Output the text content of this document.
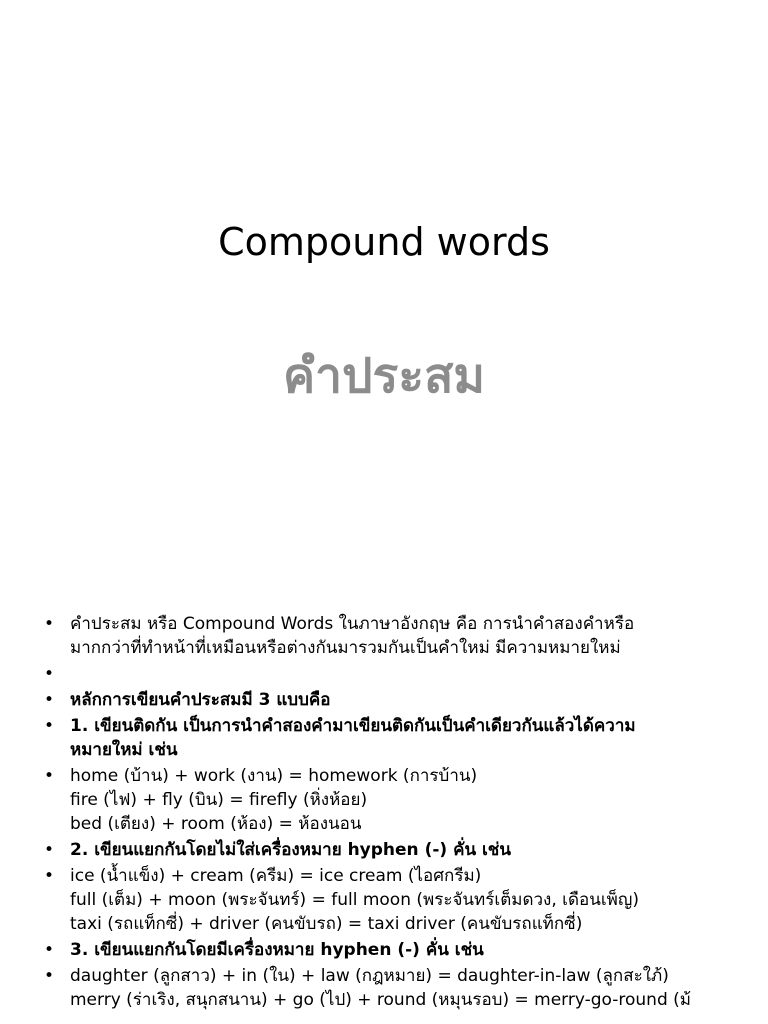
Compound words
คำประสม
• คำประสม หรือ Compound Words ในภาษาอังกฤษ คือ การนำคำสองคำหรือ
มากกว่าที่ทำหน้าที่เหมือนหรือต่างกันมารวมกันเป็นคำใหม่ มีความหมายใหม่
•
• หลักการเขียนคำประสมมี 3 แบบคือ
• 1. เขียนติดกัน เป็นการนำคำสองคำมาเขียนติดกันเป็นคำเดียวกันแล้วได้ความ
หมายใหม่ เช่น
• home (บ้าน) + work (งาน) = homework (การบ้าน)
fire (ไฟ) + fly (บิน) = firefly (หิ่งห้อย)
bed (เตียง) + room (ห้อง) = ห้องนอน
• 2. เขียนแยกกันโดยไม่ใส่เครื่องหมาย hyphen (-) คั่น เช่น
• ice (น้ำแข็ง) + cream (ครีม) = ice cream (ไอศกรีม)
full (เต็ม) + moon (พระจันทร์) = full moon (พระจันทร์เต็มดวง, เดือนเพ็ญ)
taxi (รถแท็กซี่) + driver (คนขับรถ) = taxi driver (คนขับรถแท็กซี่)
• 3. เขียนแยกกันโดยมีเครื่องหมาย hyphen (-) คั่น เช่น
• daughter (ลูกสาว) + in (ใน) + law (กฎหมาย) = daughter-in-law (ลูกสะใภ้)
merry (ร่าเริง, สนุกสนาน) + go (ไป) + round (หมุนรอบ) = merry-go-round (ม้
